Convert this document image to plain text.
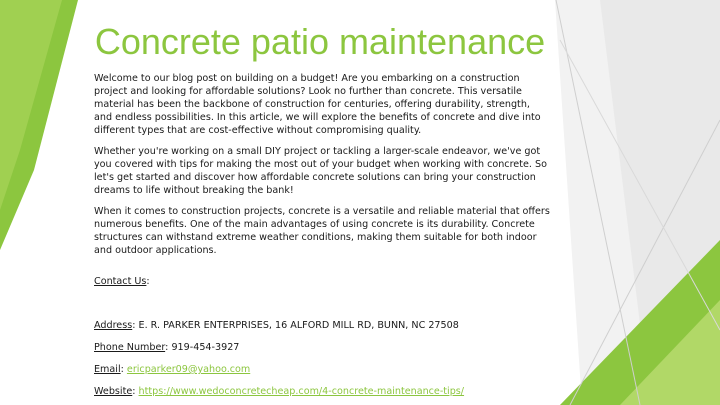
Concrete patio maintenance

Welcome to our blog post on building on a budget! Are you embarking on a construction project and looking for affordable solutions? Look no further than concrete. This versatile material has been the backbone of construction for centuries, offering durability, strength, and endless possibilities. In this article, we will explore the benefits of concrete and dive into different types that are cost-effective without compromising quality.

Whether you're working on a small DIY project or tackling a larger-scale endeavor, we've got you covered with tips for making the most out of your budget when working with concrete. So let's get started and discover how affordable concrete solutions can bring your construction dreams to life without breaking the bank!

When it comes to construction projects, concrete is a versatile and reliable material that offers numerous benefits. One of the main advantages of using concrete is its durability. Concrete structures can withstand extreme weather conditions, making them suitable for both indoor and outdoor applications.

Contact Us:
Address: E. R. PARKER ENTERPRISES, 16 ALFORD MILL RD, BUNN, NC 27508
Phone Number: 919-454-3927
Email: ericparker09@yahoo.com
Website: https://www.wedoconcretecheap.com/4-concrete-maintenance-tips/
